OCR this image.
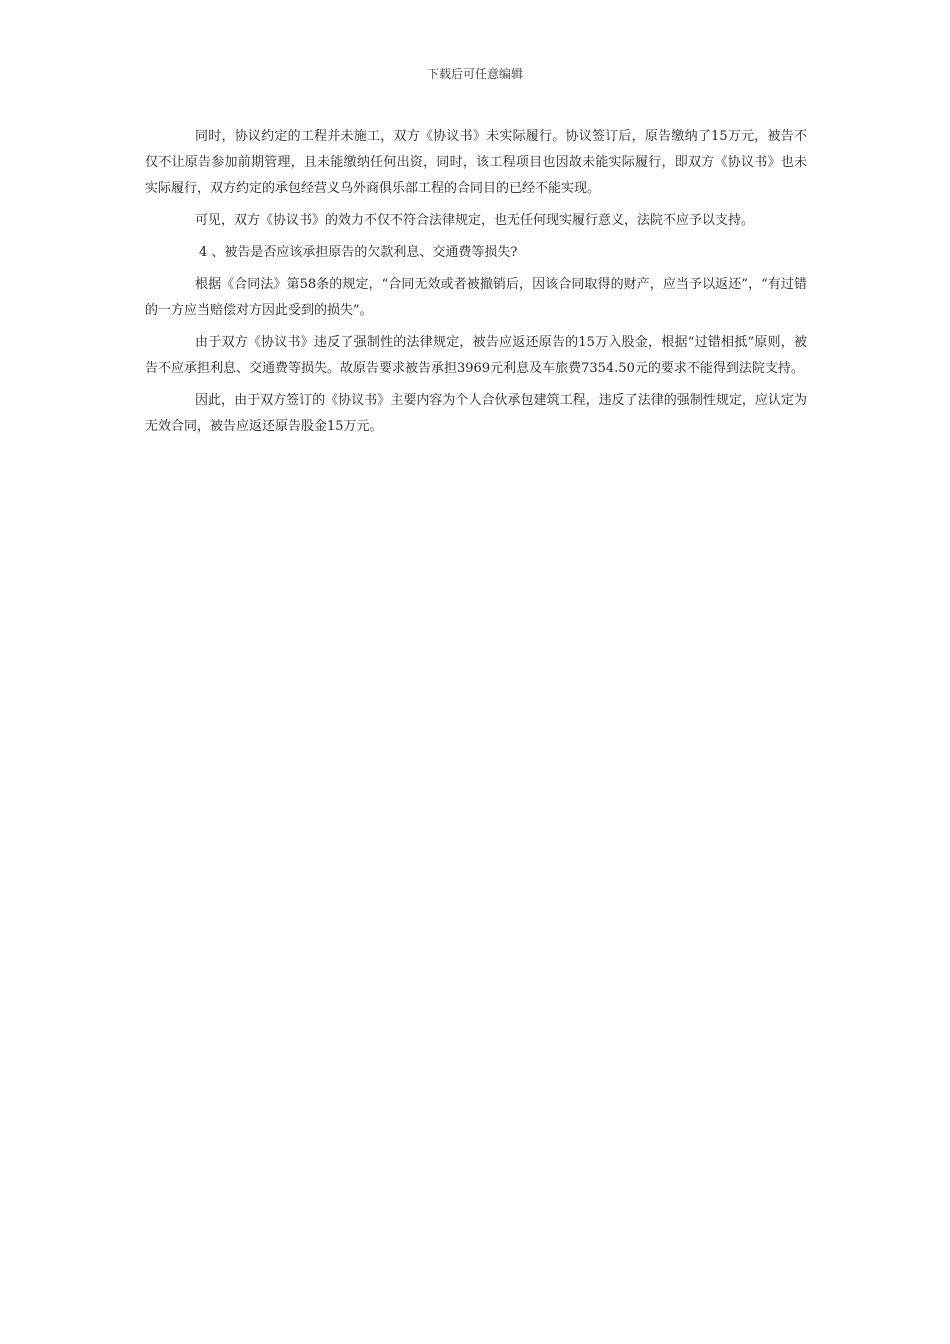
下载后可任意编辑

同时，协议约定的工程并未施工，双方《协议书》未实际履行。协议签订后，原告缴纳了15万元，被告不仅不让原告参加前期管理，且未能缴纳任何出资，同时，该工程项目也因故未能实际履行，即双方《协议书》也未实际履行，双方约定的承包经营义乌外商俱乐部工程的合同目的已经不能实现。

可见，双方《协议书》的效力不仅不符合法律规定，也无任何现实履行意义，法院不应予以支持。

4 、被告是否应该承担原告的欠款利息、交通费等损失?

根据《合同法》第58条的规定，“合同无效或者被撤销后，因该合同取得的财产，应当予以返还”，“有过错的一方应当赔偿对方因此受到的损失”。

由于双方《协议书》违反了强制性的法律规定，被告应返还原告的15万入股金，根据“过错相抵”原则，被告不应承担利息、交通费等损失。故原告要求被告承担3969元利息及车旅费7354.50元的要求不能得到法院支持。

因此，由于双方签订的《协议书》主要内容为个人合伙承包建筑工程，违反了法律的强制性规定，应认定为无效合同，被告应返还原告股金15万元。
